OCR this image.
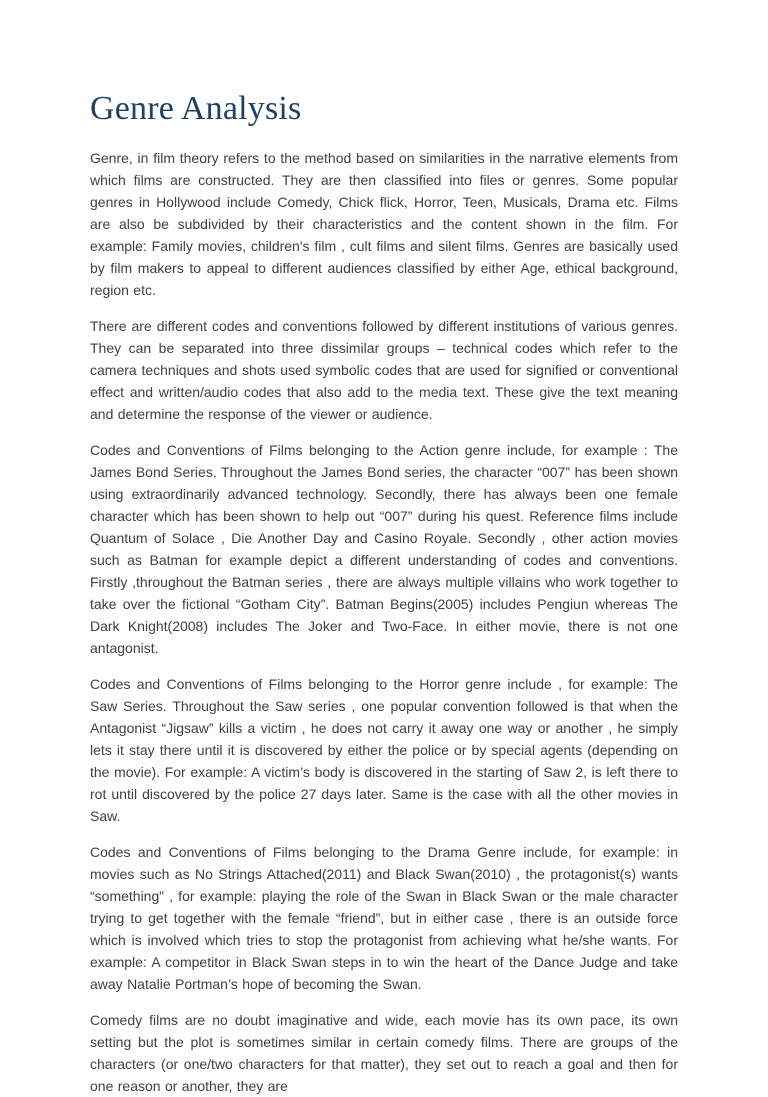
Genre Analysis

Genre, in film theory refers to the method based on similarities in the narrative elements from which films are constructed. They are then classified into files or genres. Some popular genres in Hollywood include Comedy, Chick flick, Horror, Teen, Musicals, Drama etc. Films are also be subdivided by their characteristics and the content shown in the film. For example: Family movies, children's film , cult films and silent films. Genres are basically used by film makers to appeal to different audiences classified by either Age, ethical background, region etc.

There are different codes and conventions followed by different institutions of various genres. They can be separated into three dissimilar groups – technical codes which refer to the camera techniques and shots used symbolic codes that are used for signified or conventional effect and written/audio codes that also add to the media text. These give the text meaning and determine the response of the viewer or audience.

Codes and Conventions of Films belonging to the Action genre include, for example : The James Bond Series. Throughout the James Bond series, the character “007” has been shown using extraordinarily advanced technology. Secondly, there has always been one female character which has been shown to help out “007” during his quest. Reference films include Quantum of Solace , Die Another Day and Casino Royale. Secondly , other action movies such as Batman for example depict a different understanding of codes and conventions. Firstly ,throughout the Batman series , there are always multiple villains who work together to take over the fictional “Gotham City”. Batman Begins(2005) includes Pengiun whereas The Dark Knight(2008) includes The Joker and Two-Face. In either movie, there is not one antagonist.

Codes and Conventions of Films belonging to the Horror genre include , for example: The Saw Series. Throughout the Saw series , one popular convention followed is that when the Antagonist “Jigsaw” kills a victim , he does not carry it away one way or another , he simply lets it stay there until it is discovered by either the police or by special agents (depending on the movie). For example: A victim’s body is discovered in the starting of Saw 2, is left there to rot until discovered by the police 27 days later. Same is the case with all the other movies in Saw.

Codes and Conventions of Films belonging to the Drama Genre include, for example: in movies such as No Strings Attached(2011) and Black Swan(2010) , the protagonist(s) wants “something” , for example: playing the role of the Swan in Black Swan or the male character trying to get together with the female “friend”, but in either case , there is an outside force which is involved which tries to stop the protagonist from achieving what he/she wants. For example: A competitor in Black Swan steps in to win the heart of the Dance Judge and take away Natalie Portman’s hope of becoming the Swan.

Comedy films are no doubt imaginative and wide, each movie has its own pace, its own setting but the plot is sometimes similar in certain comedy films. There are groups of the characters (or one/two characters for that matter), they set out to reach a goal and then for one reason or another, they are
